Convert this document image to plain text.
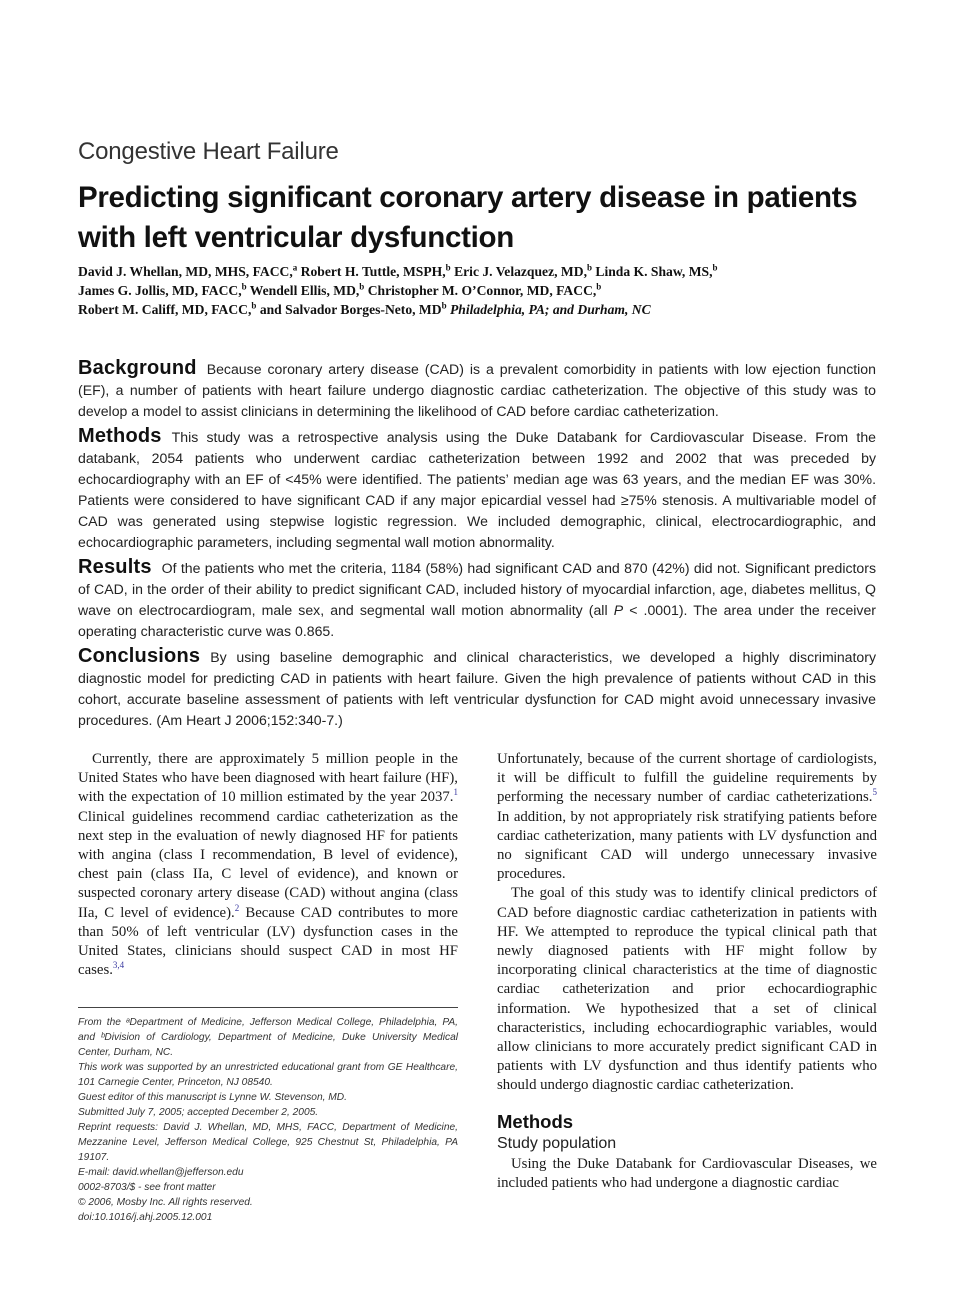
Congestive Heart Failure
Predicting significant coronary artery disease in patients with left ventricular dysfunction
David J. Whellan, MD, MHS, FACC,$^a$ Robert H. Tuttle, MSPH,$^b$ Eric J. Velazquez, MD,$^b$ Linda K. Shaw, MS,$^b$
James G. Jollis, MD, FACC,$^b$ Wendell Ellis, MD,$^b$ Christopher M. O’Connor, MD, FACC,$^b$
Robert M. Califf, MD, FACC,$^b$ and Salvador Borges-Neto, $MD^b$ Philadelphia, PA; and Durham, NC

Background Because coronary artery disease (CAD) is a prevalent comorbidity in patients with low ejection function (EF), a number of patients with heart failure undergo diagnostic cardiac catheterization. The objective of this study was to develop a model to assist clinicians in determining the likelihood of CAD before cardiac catheterization.

Methods This study was a retrospective analysis using the Duke Databank for Cardiovascular Disease. From the databank, 2054 patients who underwent cardiac catheterization between 1992 and 2002 that was preceded by echocardiography with an EF of <45% were identified. The patients’ median age was 63 years, and the median EF was 30%. Patients were considered to have significant CAD if any major epicardial vessel had ≥75% stenosis. A multivariable model of CAD was generated using stepwise logistic regression. We included demographic, clinical, electrocardiographic, and echocardiographic parameters, including segmental wall motion abnormality.

Results Of the patients who met the criteria, 1184 (58%) had significant CAD and 870 (42%) did not. Significant predictors of CAD, in the order of their ability to predict significant CAD, included history of myocardial infarction, age, diabetes mellitus, Q wave on electrocardiogram, male sex, and segmental wall motion abnormality (all P < .0001). The area under the receiver operating characteristic curve was 0.865.

Conclusions By using baseline demographic and clinical characteristics, we developed a highly discriminatory diagnostic model for predicting CAD in patients with heart failure. Given the high prevalence of patients without CAD in this cohort, accurate baseline assessment of patients with left ventricular dysfunction for CAD might avoid unnecessary invasive procedures. (Am Heart J 2006;152:340-7.)

Currently, there are approximately 5 million people in the United States who have been diagnosed with heart failure (HF), with the expectation of 10 million estimated by the year 2037.$^1$ Clinical guidelines recommend cardiac catheterization as the next step in the evaluation of newly diagnosed HF for patients with angina (class I recommendation, B level of evidence), chest pain (class IIa, C level of evidence), and known or suspected coronary artery disease (CAD) without angina (class IIa, C level of evidence).$^2$ Because CAD contributes to more than 50% of left ventricular (LV) dysfunction cases in the United States, clinicians should suspect CAD in most HF cases.$^{3,4}$

From the ᵃDepartment of Medicine, Jefferson Medical College, Philadelphia, PA, and ᵇDivision of Cardiology, Department of Medicine, Duke University Medical Center, Durham, NC.
This work was supported by an unrestricted educational grant from GE Healthcare, 101 Carnegie Center, Princeton, NJ 08540.
Guest editor of this manuscript is Lynne W. Stevenson, MD.
Submitted July 7, 2005; accepted December 2, 2005.
Reprint requests: David J. Whellan, MD, MHS, FACC, Department of Medicine, Mezzanine Level, Jefferson Medical College, 925 Chestnut St, Philadelphia, PA 19107.
E-mail: david.whellan@jefferson.edu
0002-8703/$ - see front matter
© 2006, Mosby Inc. All rights reserved.
doi:10.1016/j.ahj.2005.12.001

Unfortunately, because of the current shortage of cardiologists, it will be difficult to fulfill the guideline requirements by performing the necessary number of cardiac catheterizations.$^5$ In addition, by not appropriately risk stratifying patients before cardiac catheterization, many patients with LV dysfunction and no significant CAD will undergo unnecessary invasive procedures.

The goal of this study was to identify clinical predictors of CAD before diagnostic cardiac catheterization in patients with HF. We attempted to reproduce the typical clinical path that newly diagnosed patients with HF might follow by incorporating clinical characteristics at the time of diagnostic cardiac catheterization and prior echocardiographic information. We hypothesized that a set of clinical characteristics, including echocardiographic variables, would allow clinicians to more accurately predict significant CAD in patients with LV dysfunction and thus identify patients who should undergo diagnostic cardiac catheterization.

Methods
Study population

Using the Duke Databank for Cardiovascular Diseases, we included patients who had undergone a diagnostic cardiac
